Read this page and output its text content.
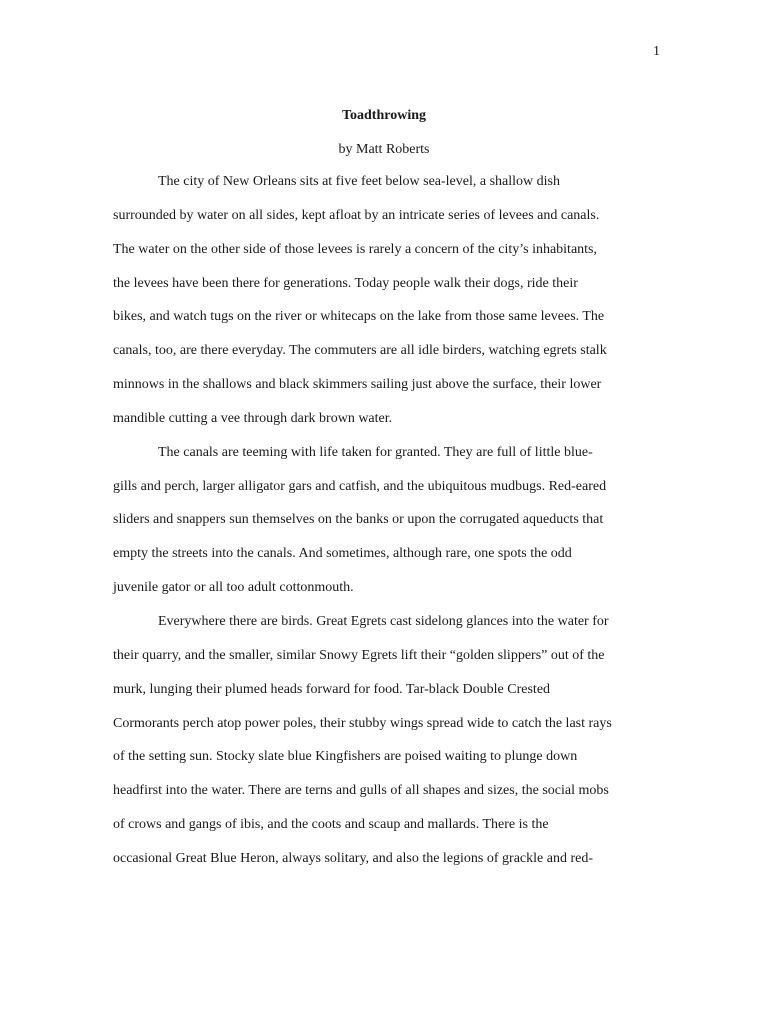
1
Toadthrowing
by Matt Roberts
The city of New Orleans sits at five feet below sea-level, a shallow dish
surrounded by water on all sides, kept afloat by an intricate series of levees and canals.
The water on the other side of those levees is rarely a concern of the city’s inhabitants,
the levees have been there for generations. Today people walk their dogs, ride their
bikes, and watch tugs on the river or whitecaps on the lake from those same levees. The
canals, too, are there everyday. The commuters are all idle birders, watching egrets stalk
minnows in the shallows and black skimmers sailing just above the surface, their lower
mandible cutting a vee through dark brown water.
The canals are teeming with life taken for granted. They are full of little blue-
gills and perch, larger alligator gars and catfish, and the ubiquitous mudbugs. Red-eared
sliders and snappers sun themselves on the banks or upon the corrugated aqueducts that
empty the streets into the canals. And sometimes, although rare, one spots the odd
juvenile gator or all too adult cottonmouth.
Everywhere there are birds. Great Egrets cast sidelong glances into the water for
their quarry, and the smaller, similar Snowy Egrets lift their “golden slippers” out of the
murk, lunging their plumed heads forward for food. Tar-black Double Crested
Cormorants perch atop power poles, their stubby wings spread wide to catch the last rays
of the setting sun. Stocky slate blue Kingfishers are poised waiting to plunge down
headfirst into the water. There are terns and gulls of all shapes and sizes, the social mobs
of crows and gangs of ibis, and the coots and scaup and mallards. There is the
occasional Great Blue Heron, always solitary, and also the legions of grackle and red-
